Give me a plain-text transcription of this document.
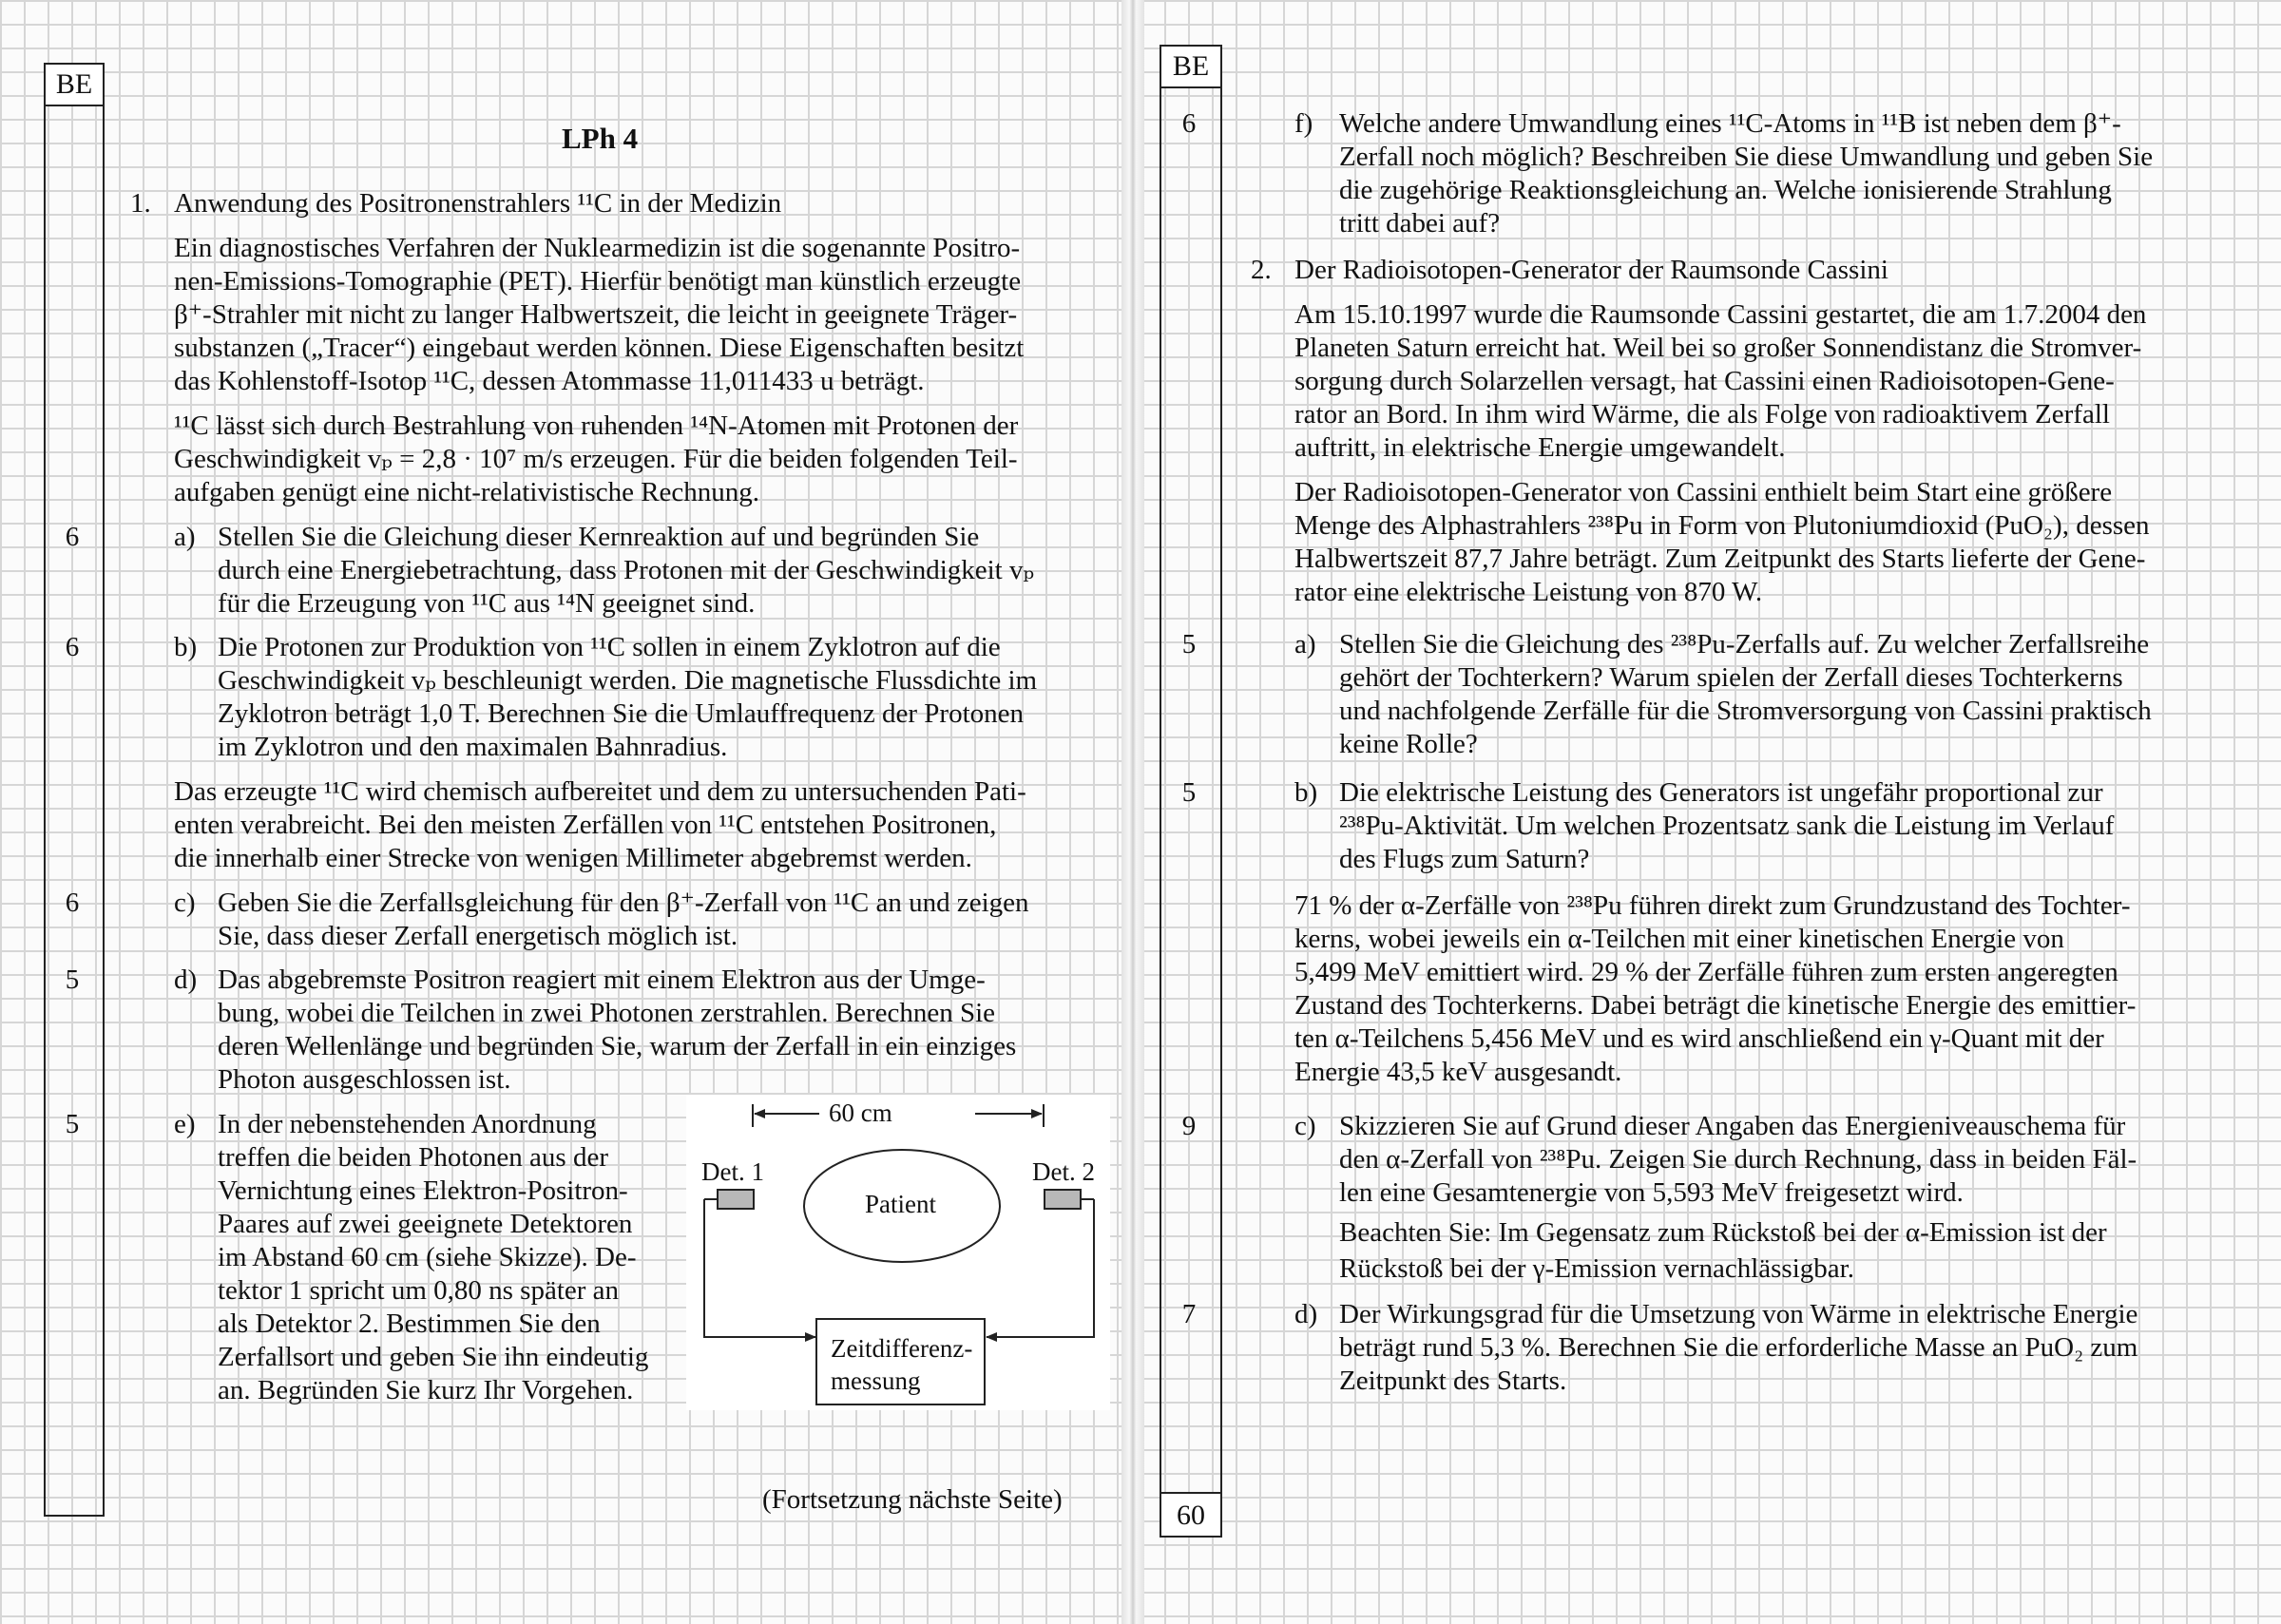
BE
LPh 4
1. Anwendung des Positronenstrahlers ¹¹C in der Medizin
Ein diagnostisches Verfahren der Nuklearmedizin ist die sogenannte Positro-
nen-Emissions-Tomographie (PET). Hierfür benötigt man künstlich erzeugte
β⁺-Strahler mit nicht zu langer Halbwertszeit, die leicht in geeignete Träger-
substanzen („Tracer“) eingebaut werden können. Diese Eigenschaften besitzt
das Kohlenstoff-Isotop ¹¹C, dessen Atommasse 11,011433 u beträgt.
¹¹C lässt sich durch Bestrahlung von ruhenden ¹⁴N-Atomen mit Protonen der
Geschwindigkeit vₚ = 2,8 · 10⁷ m/s erzeugen. Für die beiden folgenden Teil-
aufgaben genügt eine nicht-relativistische Rechnung.
6	a) Stellen Sie die Gleichung dieser Kernreaktion auf und begründen Sie
durch eine Energiebetrachtung, dass Protonen mit der Geschwindigkeit vₚ
für die Erzeugung von ¹¹C aus ¹⁴N geeignet sind.
6	b) Die Protonen zur Produktion von ¹¹C sollen in einem Zyklotron auf die
Geschwindigkeit vₚ beschleunigt werden. Die magnetische Flussdichte im
Zyklotron beträgt 1,0 T. Berechnen Sie die Umlauffrequenz der Protonen
im Zyklotron und den maximalen Bahnradius.
Das erzeugte ¹¹C wird chemisch aufbereitet und dem zu untersuchenden Pati-
enten verabreicht. Bei den meisten Zerfällen von ¹¹C entstehen Positronen,
die innerhalb einer Strecke von wenigen Millimeter abgebremst werden.
6	c) Geben Sie die Zerfallsgleichung für den β⁺-Zerfall von ¹¹C an und zeigen
Sie, dass dieser Zerfall energetisch möglich ist.
5	d) Das abgebremste Positron reagiert mit einem Elektron aus der Umge-
bung, wobei die Teilchen in zwei Photonen zerstrahlen. Berechnen Sie
deren Wellenlänge und begründen Sie, warum der Zerfall in ein einziges
Photon ausgeschlossen ist.
5	e) In der nebenstehenden Anordnung
treffen die beiden Photonen aus der
Vernichtung eines Elektron-Positron-
Paares auf zwei geeignete Detektoren
im Abstand 60 cm (siehe Skizze). De-
tektor 1 spricht um 0,80 ns später an
als Detektor 2. Bestimmen Sie den
Zerfallsort und geben Sie ihn eindeutig
an. Begründen Sie kurz Ihr Vorgehen.
60 cm
Det. 1	Det. 2
Patient
Zeitdifferenz-
messung
(Fortsetzung nächste Seite)
BE
60
6	f) Welche andere Umwandlung eines ¹¹C-Atoms in ¹¹B ist neben dem β⁺-
Zerfall noch möglich? Beschreiben Sie diese Umwandlung und geben Sie
die zugehörige Reaktionsgleichung an. Welche ionisierende Strahlung
tritt dabei auf?
2. Der Radioisotopen-Generator der Raumsonde Cassini
Am 15.10.1997 wurde die Raumsonde Cassini gestartet, die am 1.7.2004 den
Planeten Saturn erreicht hat. Weil bei so großer Sonnendistanz die Stromver-
sorgung durch Solarzellen versagt, hat Cassini einen Radioisotopen-Gene-
rator an Bord. In ihm wird Wärme, die als Folge von radioaktivem Zerfall
auftritt, in elektrische Energie umgewandelt.
Der Radioisotopen-Generator von Cassini enthielt beim Start eine größere
Menge des Alphastrahlers ²³⁸Pu in Form von Plutoniumdioxid (PuO₂), dessen
Halbwertszeit 87,7 Jahre beträgt. Zum Zeitpunkt des Starts lieferte der Gene-
rator eine elektrische Leistung von 870 W.
5	a) Stellen Sie die Gleichung des ²³⁸Pu-Zerfalls auf. Zu welcher Zerfallsreihe
gehört der Tochterkern? Warum spielen der Zerfall dieses Tochterkerns
und nachfolgende Zerfälle für die Stromversorgung von Cassini praktisch
keine Rolle?
5	b) Die elektrische Leistung des Generators ist ungefähr proportional zur
²³⁸Pu-Aktivität. Um welchen Prozentsatz sank die Leistung im Verlauf
des Flugs zum Saturn?
71 % der α-Zerfälle von ²³⁸Pu führen direkt zum Grundzustand des Tochter-
kerns, wobei jeweils ein α-Teilchen mit einer kinetischen Energie von
5,499 MeV emittiert wird. 29 % der Zerfälle führen zum ersten angeregten
Zustand des Tochterkerns. Dabei beträgt die kinetische Energie des emittier-
ten α-Teilchens 5,456 MeV und es wird anschließend ein γ-Quant mit der
Energie 43,5 keV ausgesandt.
9	c) Skizzieren Sie auf Grund dieser Angaben das Energieniveauschema für
den α-Zerfall von ²³⁸Pu. Zeigen Sie durch Rechnung, dass in beiden Fäl-
len eine Gesamtenergie von 5,593 MeV freigesetzt wird.
Beachten Sie: Im Gegensatz zum Rückstoß bei der α-Emission ist der
Rückstoß bei der γ-Emission vernachlässigbar.
7	d) Der Wirkungsgrad für die Umsetzung von Wärme in elektrische Energie
beträgt rund 5,3 %. Berechnen Sie die erforderliche Masse an PuO₂ zum
Zeitpunkt des Starts.
